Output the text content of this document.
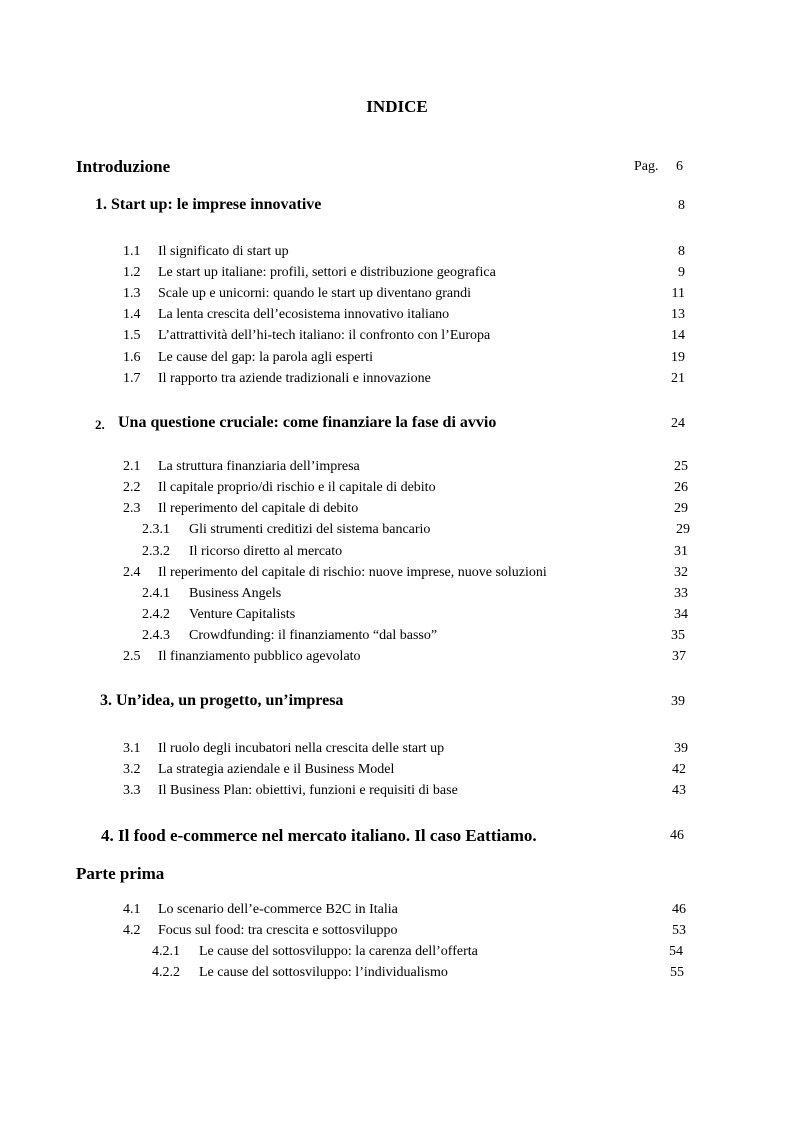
INDICE
Introduzione	Pag.	6
1. Start up: le imprese innovative	8
1.1 Il significato di start up	8
1.2 Le start up italiane: profili, settori e distribuzione geografica	9
1.3 Scale up e unicorni: quando le start up diventano grandi	11
1.4 La lenta crescita dell’ecosistema innovativo italiano	13
1.5 L’attrattività dell’hi-tech italiano: il confronto con l’Europa	14
1.6 Le cause del gap: la parola agli esperti	19
1.7 Il rapporto tra aziende tradizionali e innovazione	21
2. Una questione cruciale: come finanziare la fase di avvio	24
2.1 La struttura finanziaria dell’impresa	25
2.2 Il capitale proprio/di rischio e il capitale di debito	26
2.3 Il reperimento del capitale di debito	29
2.3.1 Gli strumenti creditizi del sistema bancario	29
2.3.2 Il ricorso diretto al mercato	31
2.4 Il reperimento del capitale di rischio: nuove imprese, nuove soluzioni	32
2.4.1 Business Angels	33
2.4.2 Venture Capitalists	34
2.4.3 Crowdfunding: il finanziamento “dal basso”	35
2.5 Il finanziamento pubblico agevolato	37
3. Un’idea, un progetto, un’impresa	39
3.1 Il ruolo degli incubatori nella crescita delle start up	39
3.2 La strategia aziendale e il Business Model	42
3.3 Il Business Plan: obiettivi, funzioni e requisiti di base	43
4. Il food e-commerce nel mercato italiano. Il caso Eattiamo.	46
Parte prima
4.1 Lo scenario dell’e-commerce B2C in Italia	46
4.2 Focus sul food: tra crescita e sottosviluppo	53
4.2.1 Le cause del sottosviluppo: la carenza dell’offerta	54
4.2.2 Le cause del sottosviluppo: l’individualismo	55
